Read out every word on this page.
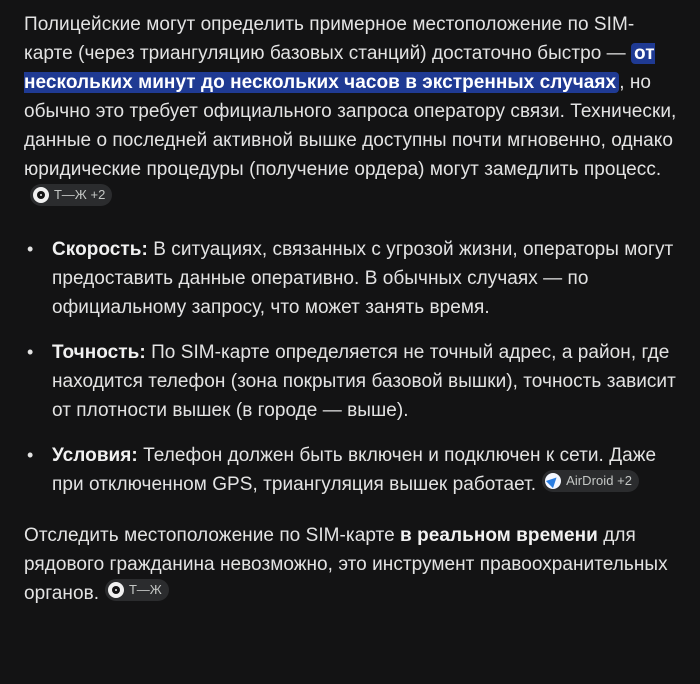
Полицейские могут определить примерное местоположение по SIM-карте (через триангуляцию базовых станций) достаточно быстро — от нескольких минут до нескольких часов в экстренных случаях , но обычно это требует официального запроса оператору связи. Технически, данные о последней активной вышке доступны почти мгновенно, однако юридические процедуры (получение ордера) могут замедлить процесс.
Т—Ж +2

• Скорость: В ситуациях, связанных с угрозой жизни, операторы могут предоставить данные оперативно. В обычных случаях — по официальному запросу, что может занять время.
• Точность: По SIM-карте определяется не точный адрес, а район, где находится телефон (зона покрытия базовой вышки), точность зависит от плотности вышек (в городе — выше).
• Условия: Телефон должен быть включен и подключен к сети. Даже при отключенном GPS, триангуляция вышек работает. AirDroid +2

Отследить местоположение по SIM-карте в реальном времени для рядового гражданина невозможно, это инструмент правоохранительных органов. Т—Ж
